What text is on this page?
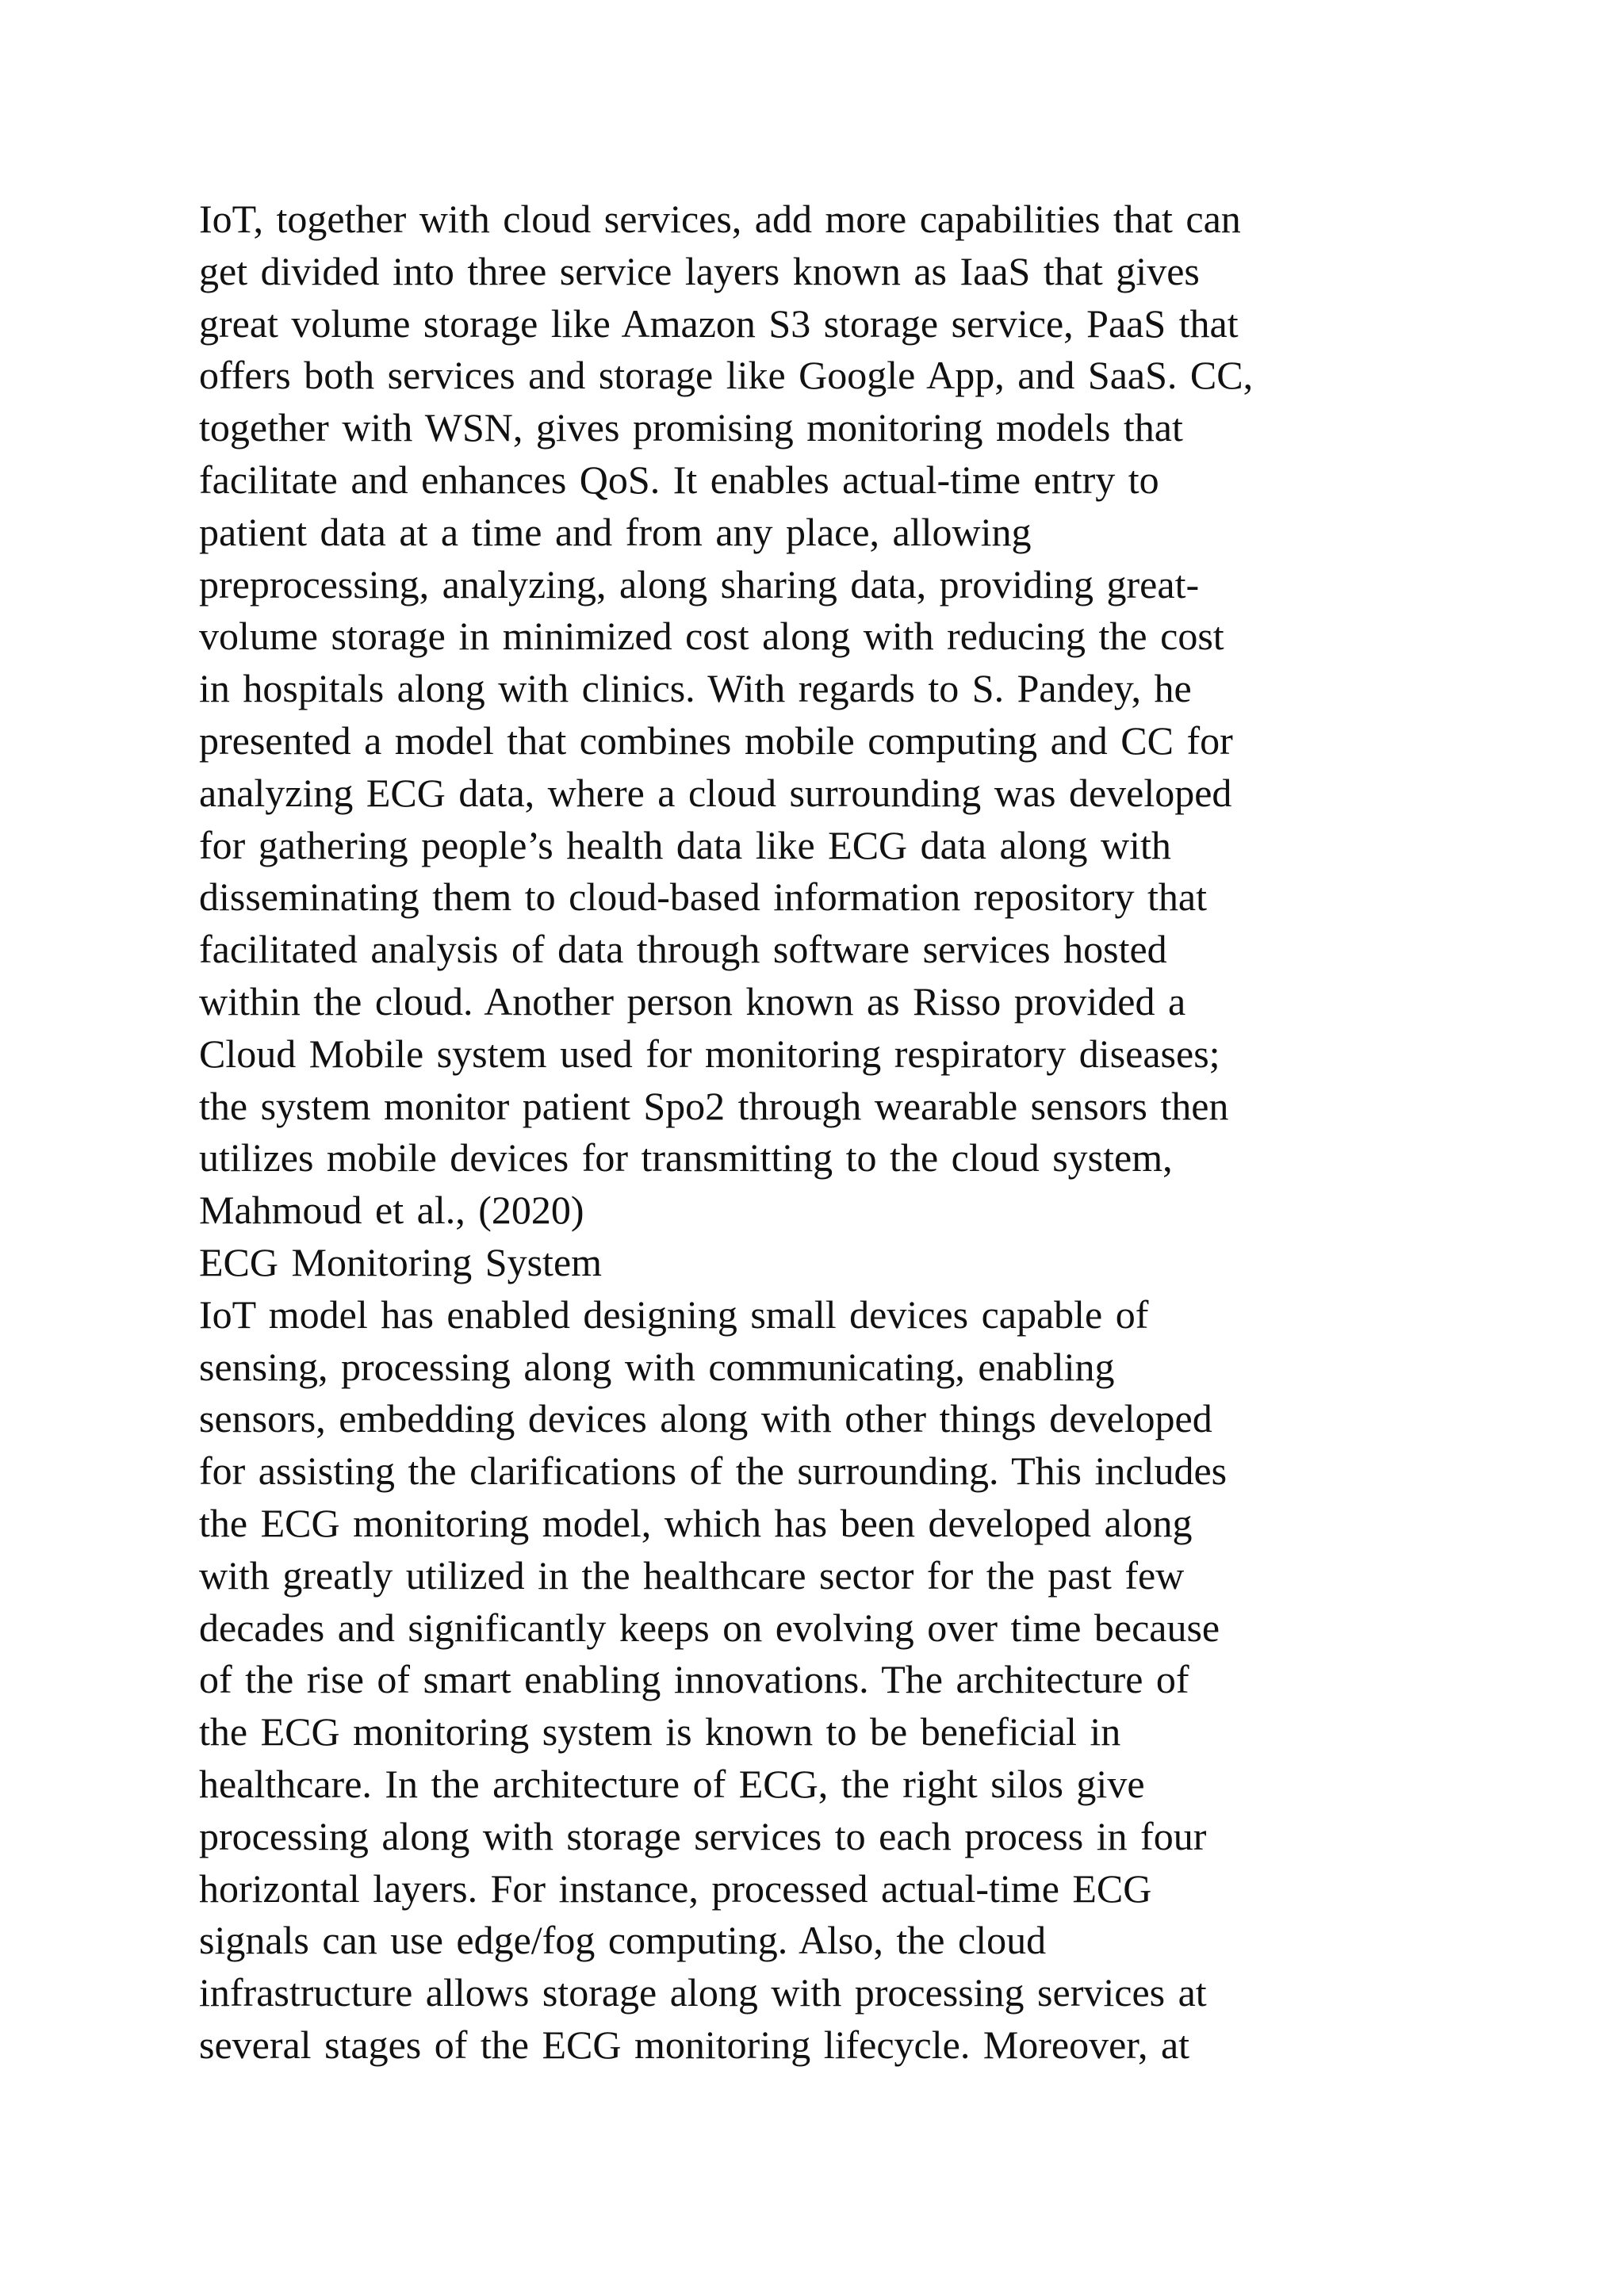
IoT, together with cloud services, add more capabilities that can
get divided into three service layers known as IaaS that gives
great volume storage like Amazon S3 storage service, PaaS that
offers both services and storage like Google App, and SaaS. CC,
together with WSN, gives promising monitoring models that
facilitate and enhances QoS. It enables actual-time entry to
patient data at a time and from any place, allowing
preprocessing, analyzing, along sharing data, providing great-
volume storage in minimized cost along with reducing the cost
in hospitals along with clinics. With regards to S. Pandey, he
presented a model that combines mobile computing and CC for
analyzing ECG data, where a cloud surrounding was developed
for gathering people’s health data like ECG data along with
disseminating them to cloud-based information repository that
facilitated analysis of data through software services hosted
within the cloud. Another person known as Risso provided a
Cloud Mobile system used for monitoring respiratory diseases;
the system monitor patient Spo2 through wearable sensors then
utilizes mobile devices for transmitting to the cloud system,
Mahmoud et al., (2020)
ECG Monitoring System
IoT model has enabled designing small devices capable of
sensing, processing along with communicating, enabling
sensors, embedding devices along with other things developed
for assisting the clarifications of the surrounding. This includes
the ECG monitoring model, which has been developed along
with greatly utilized in the healthcare sector for the past few
decades and significantly keeps on evolving over time because
of the rise of smart enabling innovations. The architecture of
the ECG monitoring system is known to be beneficial in
healthcare. In the architecture of ECG, the right silos give
processing along with storage services to each process in four
horizontal layers. For instance, processed actual-time ECG
signals can use edge/fog computing. Also, the cloud
infrastructure allows storage along with processing services at
several stages of the ECG monitoring lifecycle. Moreover, at
